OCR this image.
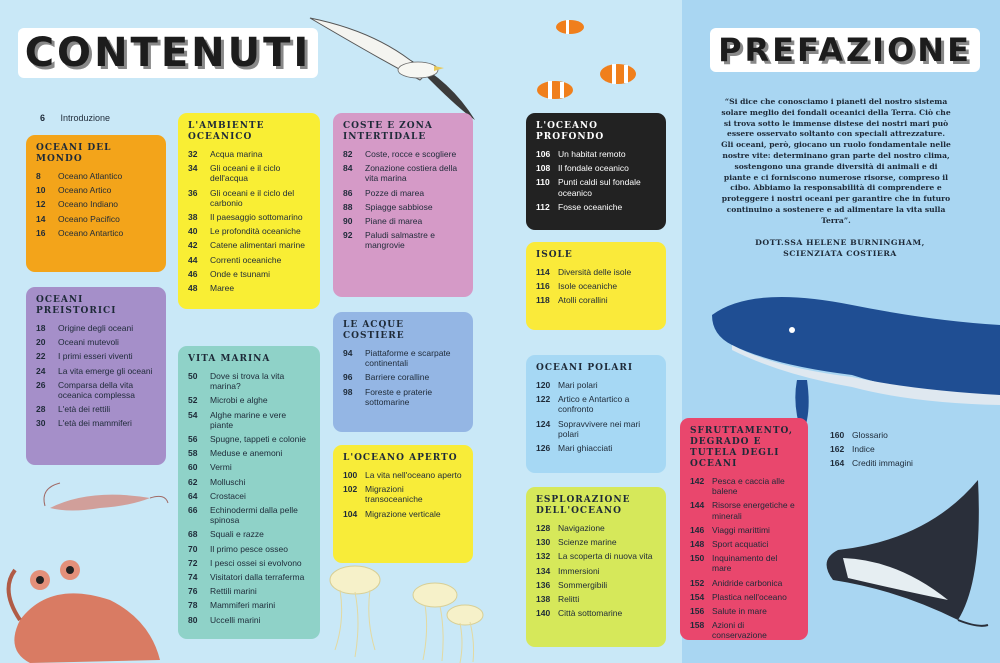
CONTENUTI	PREFAZIONE
6 Introduzione
OCEANI DEL MONDO
8	Oceano Atlantico
10	Oceano Artico
12	Oceano Indiano
14	Oceano Pacifico
16	Oceano Antartico
OCEANI PREISTORICI
18	Origine degli oceani
20	Oceani mutevoli
22	I primi esseri viventi
24	La vita emerge gli oceani
26	Comparsa della vita oceanica complessa
28	L'età dei rettili
30	L'età dei mammiferi
L'AMBIENTE OCEANICO
32	Acqua marina
34	Gli oceani e il ciclo dell'acqua
36	Gli oceani e il ciclo del carbonio
38	Il paesaggio sottomarino
40	Le profondità oceaniche
42	Catene alimentari marine
44	Correnti oceaniche
46	Onde e tsunami
48	Maree
VITA MARINA
50	Dove si trova la vita marina?
52	Microbi e alghe
54	Alghe marine e vere piante
56	Spugne, tappeti e colonie
58	Meduse e anemoni
60	Vermi
62	Molluschi
64	Crostacei
66	Echinodermi dalla pelle spinosa
68	Squali e razze
70	Il primo pesce osseo
72	I pesci ossei si evolvono
74	Visitatori dalla terraferma
76	Rettili marini
78	Mammiferi marini
80	Uccelli marini
COSTE E ZONA INTERTIDALE
82	Coste, rocce e scogliere
84	Zonazione costiera della vita marina
86	Pozze di marea
88	Spiagge sabbiose
90	Piane di marea
92	Paludi salmastre e mangrovie
LE ACQUE COSTIERE
94	Piattaforme e scarpate continentali
96	Barriere coralline
98	Foreste e praterie sottomarine
L'OCEANO APERTO
100 La vita nell'oceano aperto
102 Migrazioni transoceaniche
104 Migrazione verticale
L'OCEANO PROFONDO
106 Un habitat remoto
108 Il fondale oceanico
110 Punti caldi sul fondale oceanico
112 Fosse oceaniche
ISOLE
114 Diversità delle isole
116 Isole oceaniche
118 Atolli corallini
OCEANI POLARI
120 Mari polari
122 Artico e Antartico a confronto
124 Sopravvivere nei mari polari
126 Mari ghiacciati
ESPLORAZIONE DELL'OCEANO
128 Navigazione
130 Scienze marine
132 La scoperta di nuova vita
134 Immersioni
136 Sommergibili
138 Relitti
140 Città sottomarine
SFRUTTAMENTO, DEGRADO E TUTELA DEGLI OCEANI
142 Pesca e caccia alle balene
144 Risorse energetiche e minerali
146 Viaggi marittimi
148 Sport acquatici
150 Inquinamento del mare
152 Anidride carbonica
154 Plastica nell'oceano
156 Salute in mare
158 Azioni di conservazione
160 Glossario
162 Indice
164 Crediti immagini
“Si dice che conosciamo i pianeti del nostro sistema solare meglio dei fondali oceanici della Terra. Ciò che si trova sotto le immense distese dei nostri mari può essere osservato soltanto con speciali attrezzature. Gli oceani, però, giocano un ruolo fondamentale nelle nostre vite: determinano gran parte del nostro clima, sostengono una grande diversità di animali e di piante e ci forniscono numerose risorse, compreso il cibo. Abbiamo la responsabilità di comprendere e proteggere i nostri oceani per garantire che in futuro continuino a sostenere e ad alimentare la vita sulla Terra”.
DOTT.SSA HELENE BURNINGHAM,
SCIENZIATA COSTIERA
